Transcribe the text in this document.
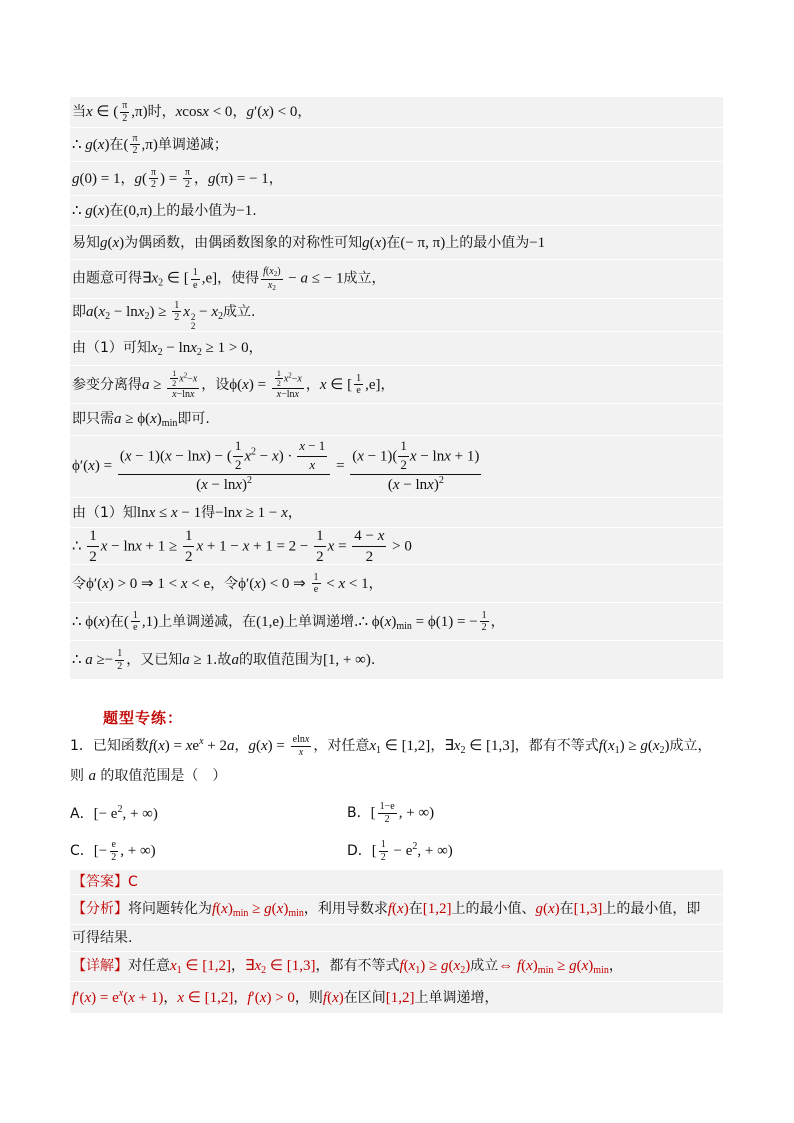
当x ∈ ( $\frac{\pi}{2} ,\pi$)时，xcosx < 0，g′(x) < 0，
∴ g(x)在( $\frac{\pi}{2} ,\pi$)单调递减；
g(0) = 1，$g( \frac{\pi}{2}$ ) = $\frac{\pi}{2}$ ，g(π) = − 1，
∴ g(x)在(0,π)上的最小值为−1.
易知g(x)为偶函数，由偶函数图象的对称性可知g(x)在(− π, π)上的最小值为−1
由题意可得$\exists x_2$ ∈ [ $\frac{1}{e} ,e$]，使得 $\frac{f(x_2)}{x_2} - a$ ≤ − 1成立，
即$a(x_2 - \ln x_2) \ge \frac{1}{2}$ x 2
2
− $x_2$成立.
由（1）可知$x_2 - \ln x_2 \ge 1 > 0$，
参变分离得$a \ge \frac{\frac{1}{2} x^2-x}{x-\ln x}$ ，设$\phi(x) = \frac{\frac{1}{2} x^2-x}{x-\ln x}$ ，x ∈ [ $\frac{1}{e} ,e$]，
即只需$a \ge \phi(x)_{min}$即可.
$\phi'(x) = \frac{(x - 1)(x - \ln x) - ( \frac{1}{2} x^2 - x) \cdot \frac{x - 1}{x}}{(x - \ln x)^2} = \frac{(x - 1)( \frac{1}{2} x - \ln x + 1)}{(x - \ln x)^2}$
由（1）知lnx ≤ x − 1得−lnx ≥ 1 − x，
∴ $\frac{1}{2}$ $x - \ln x + 1 \ge \frac{1}{2}$ $x + 1 - x + 1 = 2 - \frac{1}{2}$ $x = \frac{4 - x}{2} > 0$
令ϕ′(x) > 0 ⇒ 1 < x < e，令ϕ′(x) < 0 ⇒ $\frac{1}{e} < x < 1$，
∴ ϕ(x)在( $\frac{1}{e} ,1$)上单调递减，在(1,e)上单调递增.∴ $\phi(x)_{min} = \phi(1)$ = − $\frac{1}{2}$ ，
∴ $a \ge- \frac{1}{2}$ ，又已知a ≥ 1.故a的取值范围为[1, + ∞).
题型专练：
1．已知函数$f(x) = xe^x + 2a$，$g(x) = \frac{elnx}{x}$ ，对任意$x_1$ ∈ [1,2]，$\exists x_2$ ∈ [1,3]，都有不等式$f(x_1) \ge g(x_2)$成立，
则 a 的取值范围是（　）
A．[− $e^2$, + ∞)	B．[ $\frac{1-e}{2}$ , + ∞)
C．[− $\frac{e}{2}$ , + ∞)	D．[ $\frac{1}{2} - e^2$, + ∞)
【答案】C
【分析】将问题转化为$f(x)_{min} \ge g(x)_{min}$，利用导数求f(x)在[1,2]上的最小值、g(x)在[1,3]上的最小值，即
可得结果.
【详解】对任意$x_1$ ∈ [1,2]，$\exists x_2$ ∈ [1,3]，都有不等式$f(x_1) \ge g(x_2)$成立⇔ $f(x)_{min} \ge g(x)_{min}$，
$f'(x) = e^x(x + 1)$，x ∈ [1,2]，f′(x) > 0，则f(x)在区间[1,2]上单调递增，
